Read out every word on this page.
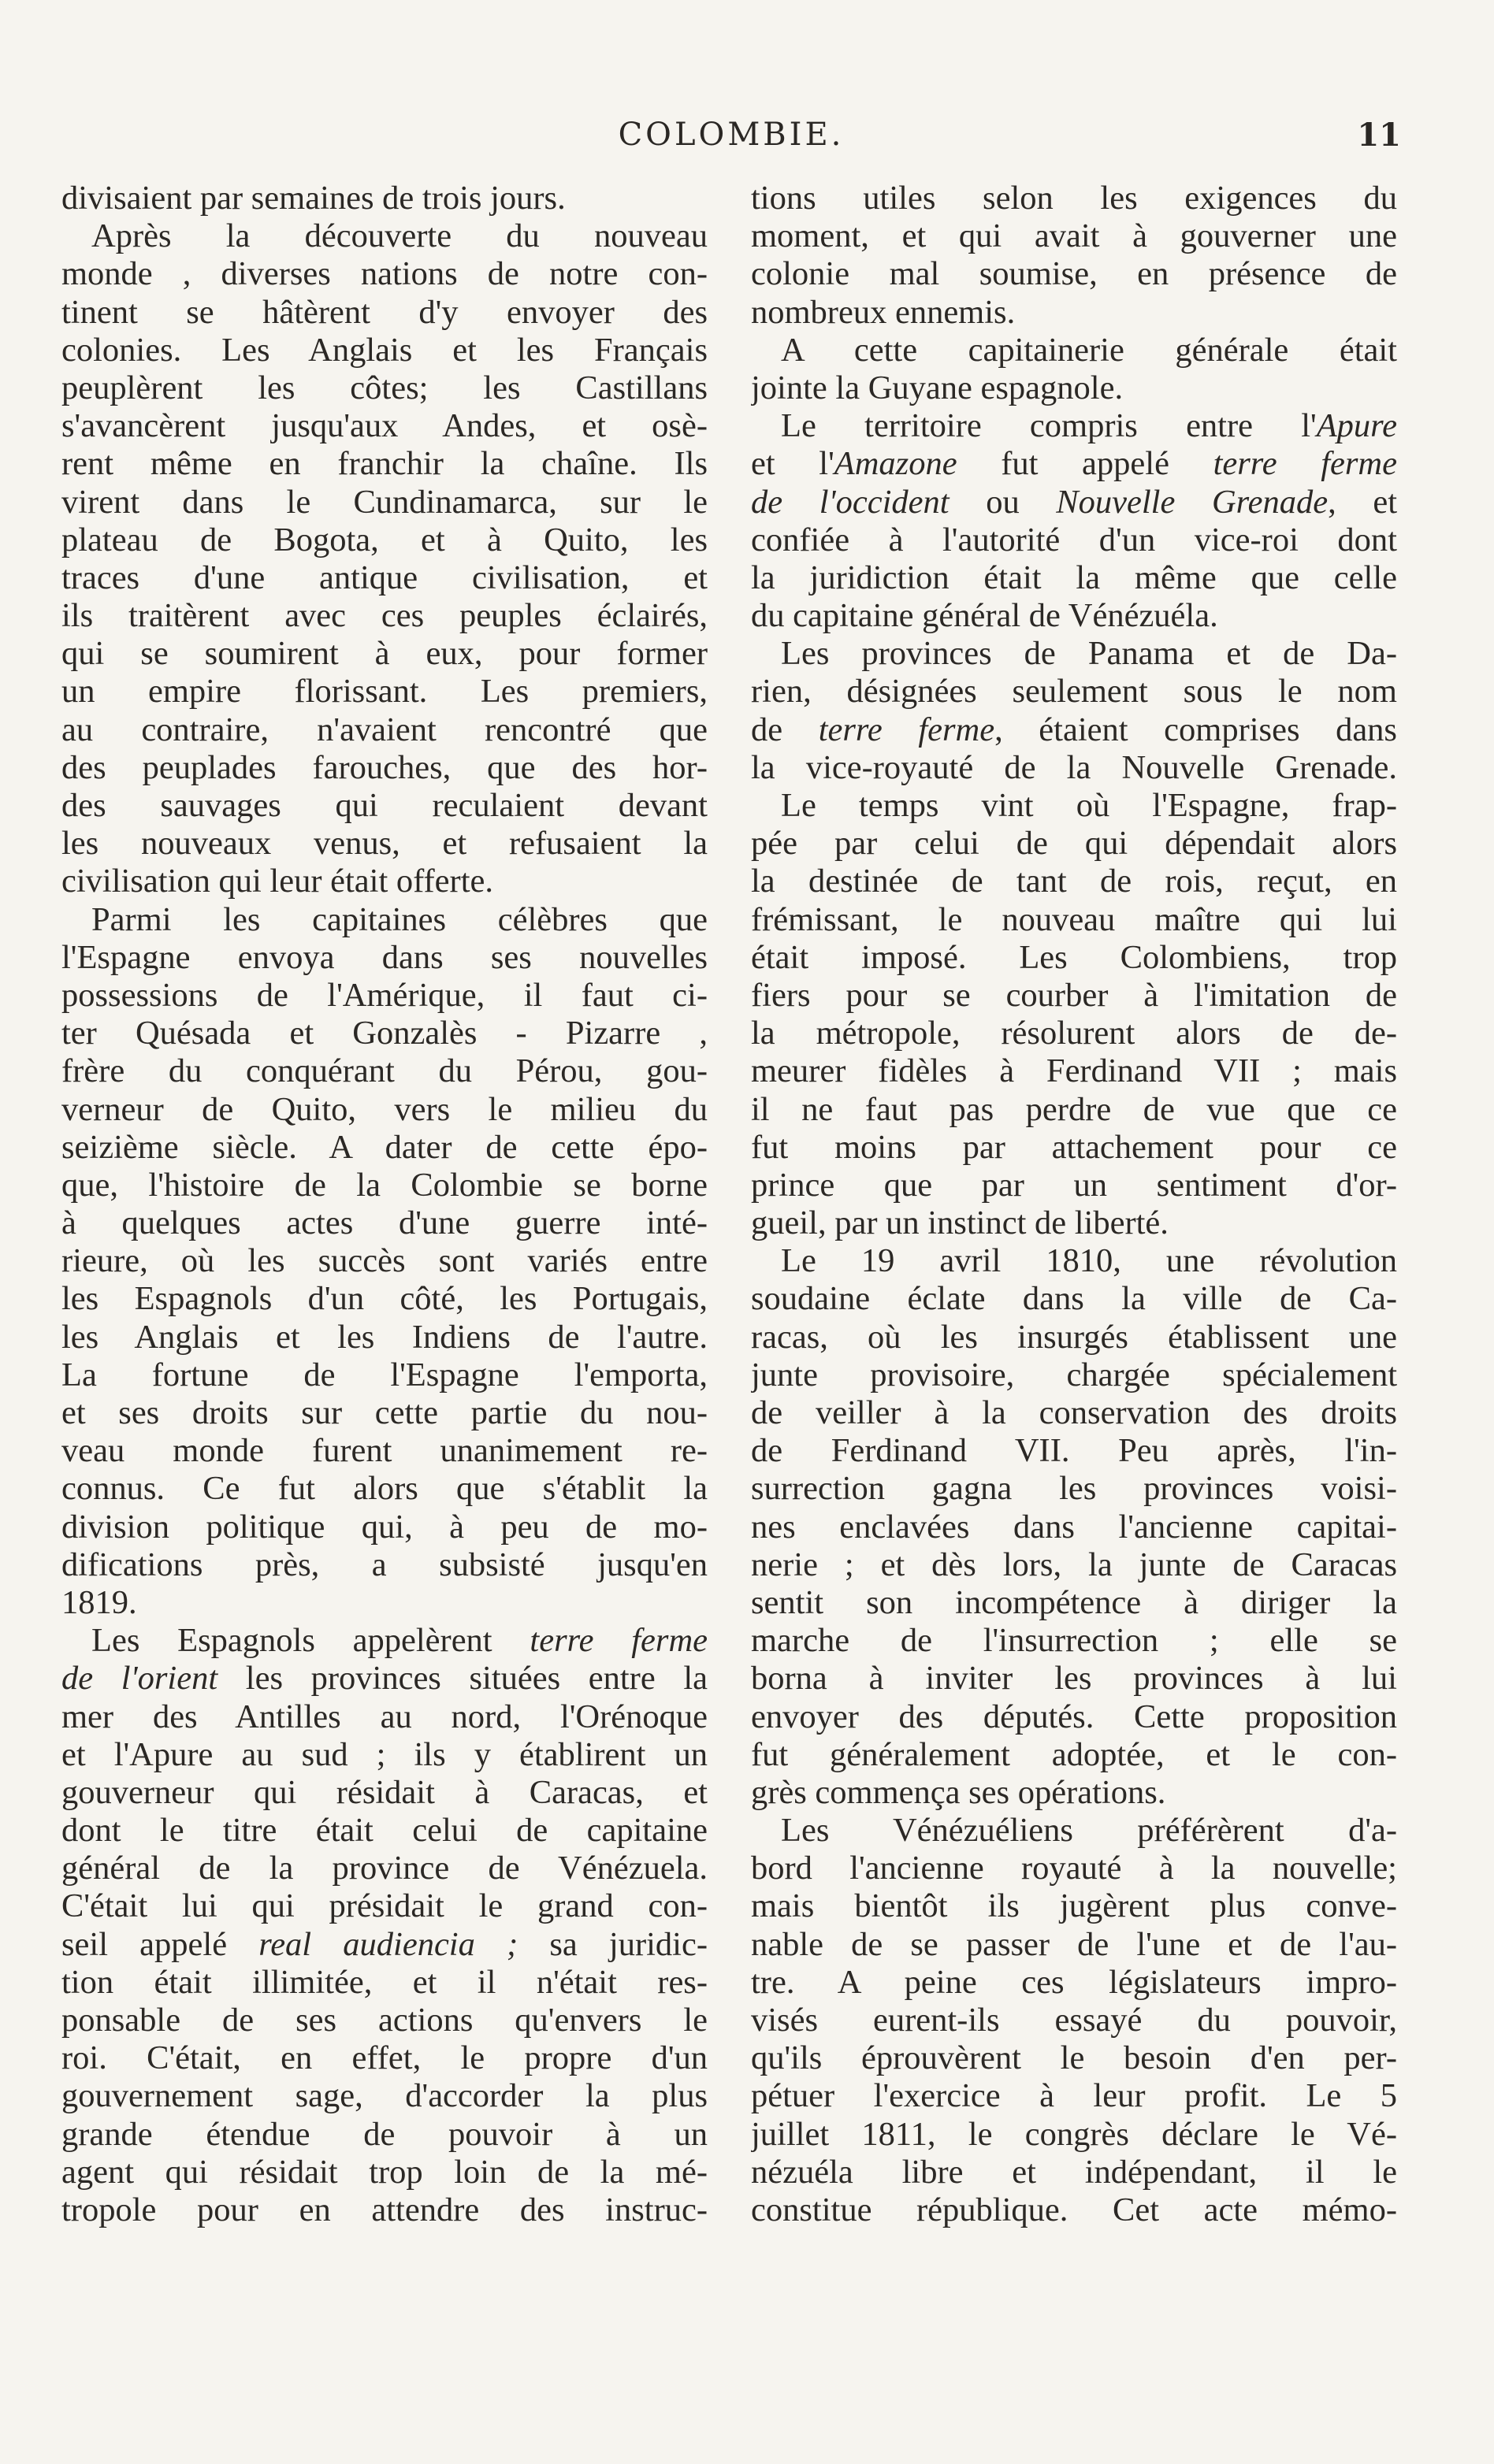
COLOMBIE.	11
divisaient par semaines de trois jours.
Après la découverte du nouveau
monde , diverses nations de notre con-
tinent se hâtèrent d'y envoyer des
colonies. Les Anglais et les Français
peuplèrent les côtes; les Castillans
s'avancèrent jusqu'aux Andes, et osè-
rent même en franchir la chaîne. Ils
virent dans le Cundinamarca, sur le
plateau de Bogota, et à Quito, les
traces d'une antique civilisation, et
ils traitèrent avec ces peuples éclairés,
qui se soumirent à eux, pour former
un empire florissant. Les premiers,
au contraire, n'avaient rencontré que
des peuplades farouches, que des hor-
des sauvages qui reculaient devant
les nouveaux venus, et refusaient la
civilisation qui leur était offerte.
Parmi les capitaines célèbres que
l'Espagne envoya dans ses nouvelles
possessions de l'Amérique, il faut ci-
ter Quésada et Gonzalès - Pizarre ,
frère du conquérant du Pérou, gou-
verneur de Quito, vers le milieu du
seizième siècle. A dater de cette épo-
que, l'histoire de la Colombie se borne
à quelques actes d'une guerre inté-
rieure, où les succès sont variés entre
les Espagnols d'un côté, les Portugais,
les Anglais et les Indiens de l'autre.
La fortune de l'Espagne l'emporta,
et ses droits sur cette partie du nou-
veau monde furent unanimement re-
connus. Ce fut alors que s'établit la
division politique qui, à peu de mo-
difications près, a subsisté jusqu'en
1819.
Les Espagnols appelèrent terre ferme
de l'orient les provinces situées entre la
mer des Antilles au nord, l'Orénoque
et l'Apure au sud ; ils y établirent un
gouverneur qui résidait à Caracas, et
dont le titre était celui de capitaine
général de la province de Vénézuela.
C'était lui qui présidait le grand con-
seil appelé real audiencia ; sa juridic-
tion était illimitée, et il n'était res-
ponsable de ses actions qu'envers le
roi. C'était, en effet, le propre d'un
gouvernement sage, d'accorder la plus
grande étendue de pouvoir à un
agent qui résidait trop loin de la mé-
tropole pour en attendre des instruc-
tions utiles selon les exigences du
moment, et qui avait à gouverner une
colonie mal soumise, en présence de
nombreux ennemis.
A cette capitainerie générale était
jointe la Guyane espagnole.
Le territoire compris entre l'Apure
et l'Amazone fut appelé terre ferme
de l'occident ou Nouvelle Grenade, et
confiée à l'autorité d'un vice-roi dont
la juridiction était la même que celle
du capitaine général de Vénézuéla.
Les provinces de Panama et de Da-
rien, désignées seulement sous le nom
de terre ferme, étaient comprises dans
la vice-royauté de la Nouvelle Grenade.
Le temps vint où l'Espagne, frap-
pée par celui de qui dépendait alors
la destinée de tant de rois, reçut, en
frémissant, le nouveau maître qui lui
était imposé. Les Colombiens, trop
fiers pour se courber à l'imitation de
la métropole, résolurent alors de de-
meurer fidèles à Ferdinand VII ; mais
il ne faut pas perdre de vue que ce
fut moins par attachement pour ce
prince que par un sentiment d'or-
gueil, par un instinct de liberté.
Le 19 avril 1810, une révolution
soudaine éclate dans la ville de Ca-
racas, où les insurgés établissent une
junte provisoire, chargée spécialement
de veiller à la conservation des droits
de Ferdinand VII. Peu après, l'in-
surrection gagna les provinces voisi-
nes enclavées dans l'ancienne capitai-
nerie ; et dès lors, la junte de Caracas
sentit son incompétence à diriger la
marche de l'insurrection ; elle se
borna à inviter les provinces à lui
envoyer des députés. Cette proposition
fut généralement adoptée, et le con-
grès commença ses opérations.
Les Vénézuéliens préférèrent d'a-
bord l'ancienne royauté à la nouvelle;
mais bientôt ils jugèrent plus conve-
nable de se passer de l'une et de l'au-
tre. A peine ces législateurs impro-
visés eurent-ils essayé du pouvoir,
qu'ils éprouvèrent le besoin d'en per-
pétuer l'exercice à leur profit. Le 5
juillet 1811, le congrès déclare le Vé-
nézuéla libre et indépendant, il le
constitue république. Cet acte mémo-
